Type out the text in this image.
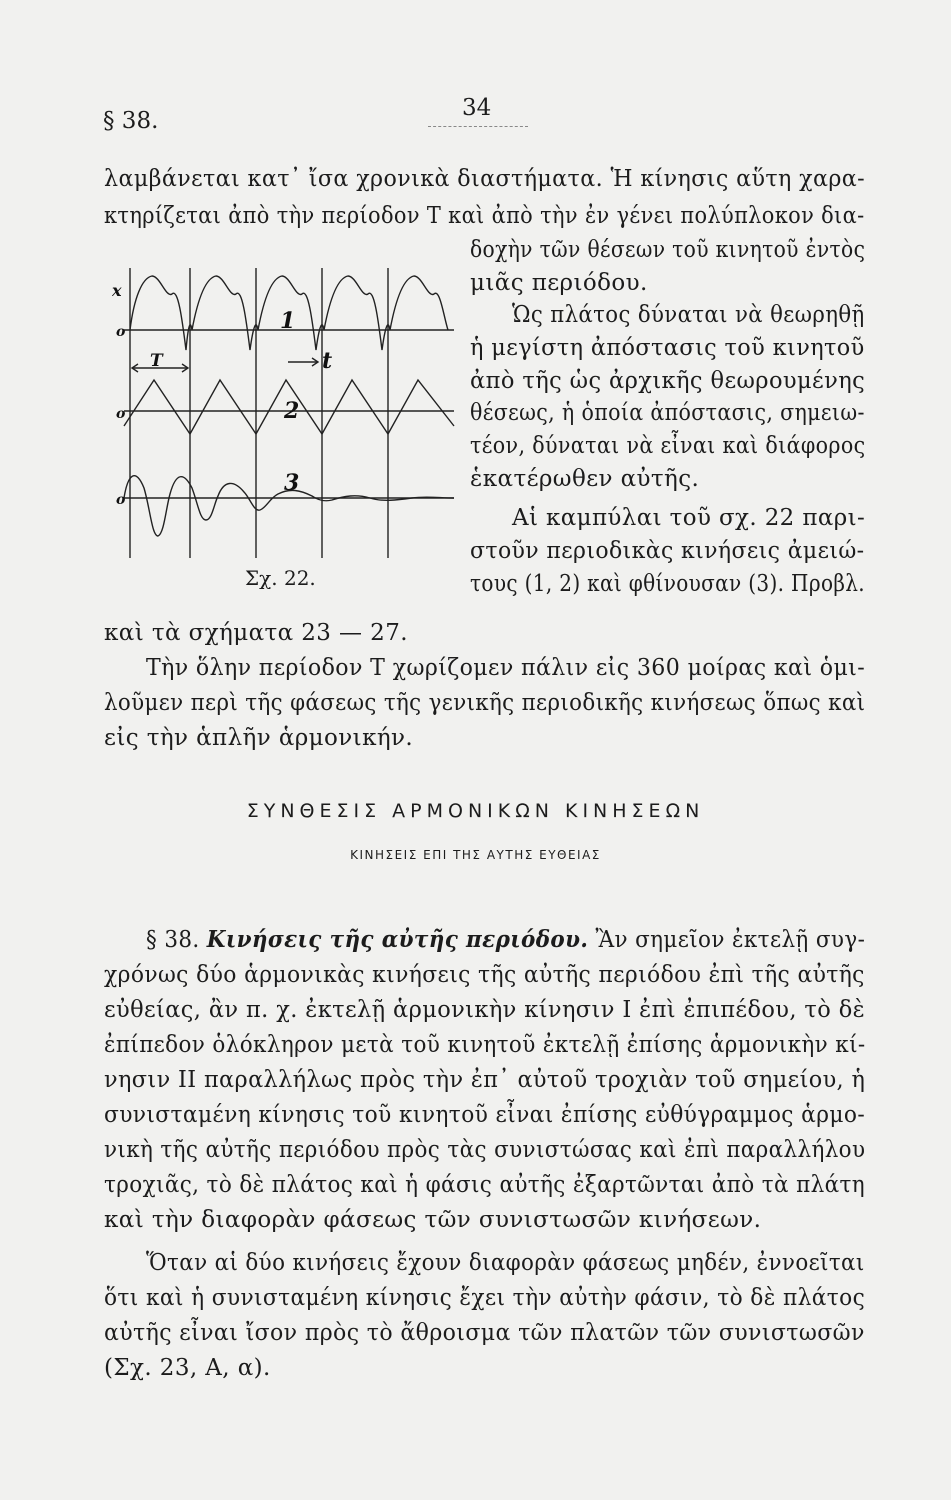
§ 38.	34
λαμβάνεται κατ᾽ ἴσα χρονικὰ διαστήματα. Ἡ κίνησις αὕτη χαρα-
κτηρίζεται ἀπὸ τὴν περίοδον Τ καὶ ἀπὸ τὴν ἐν γένει πολύπλοκον δια-
δοχὴν τῶν θέσεων τοῦ κινητοῦ ἐντὸς
μιᾶς περιόδου.
Ὡς πλάτος δύναται νὰ θεωρηθῇ
ἡ μεγίστη ἀπόστασις τοῦ κινητοῦ
ἀπὸ τῆς ὡς ἀρχικῆς θεωρουμένης
θέσεως, ἡ ὁποία ἀπόστασις, σημειω-
τέον, δύναται νὰ εἶναι καὶ διάφορος
ἑκατέρωθεν αὐτῆς.
Αἱ καμπύλαι τοῦ σχ. 22 παρι-
στοῦν περιοδικὰς κινήσεις ἀμειώ-
τους (1, 2) καὶ φθίνουσαν (3). Προβλ.
x
o
o
o
T	t
1
2
3
Σχ. 22.
καὶ τὰ σχήματα 23 — 27.
Τὴν ὅλην περίοδον Τ χωρίζομεν πάλιν εἰς 360 μοίρας καὶ ὁμι-
λοῦμεν περὶ τῆς φάσεως τῆς γενικῆς περιοδικῆς κινήσεως ὅπως καὶ
εἰς τὴν ἁπλῆν ἁρμονικήν.
ΣΥΝΘΕΣΙΣ ΑΡΜΟΝΙΚΩΝ ΚΙΝΗΣΕΩΝ
ΚΙΝΗΣΕΙΣ ΕΠΙ ΤΗΣ ΑΥΤΗΣ ΕΥΘΕΙΑΣ
§ 38. Κινήσεις τῆς αὐτῆς περιόδου. Ἂν σημεῖον ἐκτελῇ συγ-
χρόνως δύο ἁρμονικὰς κινήσεις τῆς αὐτῆς περιόδου ἐπὶ τῆς αὐτῆς
εὐθείας, ἂν π. χ. ἐκτελῇ ἁρμονικὴν κίνησιν Ι ἐπὶ ἐπιπέδου, τὸ δὲ
ἐπίπεδον ὁλόκληρον μετὰ τοῦ κινητοῦ ἐκτελῇ ἐπίσης ἁρμονικὴν κί-
νησιν ΙΙ παραλλήλως πρὸς τὴν ἐπ᾽ αὐτοῦ τροχιὰν τοῦ σημείου, ἡ
συνισταμένη κίνησις τοῦ κινητοῦ εἶναι ἐπίσης εὐθύγραμμος ἁρμο-
νικὴ τῆς αὐτῆς περιόδου πρὸς τὰς συνιστώσας καὶ ἐπὶ παραλλήλου
τροχιᾶς, τὸ δὲ πλάτος καὶ ἡ φάσις αὐτῆς ἐξαρτῶνται ἀπὸ τὰ πλάτη
καὶ τὴν διαφορὰν φάσεως τῶν συνιστωσῶν κινήσεων.
Ὅταν αἱ δύο κινήσεις ἔχουν διαφορὰν φάσεως μηδέν, ἐννοεῖται
ὅτι καὶ ἡ συνισταμένη κίνησις ἔχει τὴν αὐτὴν φάσιν, τὸ δὲ πλάτος
αὐτῆς εἶναι ἴσον πρὸς τὸ ἄθροισμα τῶν πλατῶν τῶν συνιστωσῶν
(Σχ. 23, Α, α).
